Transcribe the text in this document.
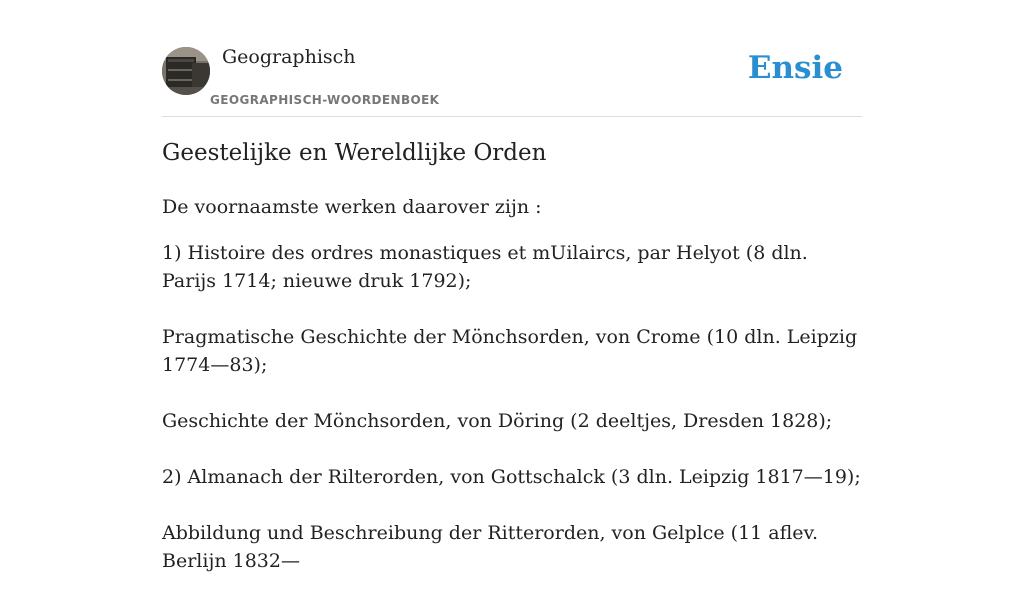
Geographisch
GEOGRAPHISCH-WOORDENBOEK
Ensie
Geestelijke en Wereldlijke Orden

De voornaamste werken daarover zijn :

1) Histoire des ordres monastiques et mUilaircs, par Helyot (8 dln. Parijs 1714; nieuwe druk 1792);

Pragmatische Geschichte der Mönchsorden, von Crome (10 dln. Leipzig 1774—83);

Geschichte der Mönchsorden, von Döring (2 deeltjes, Dresden 1828);

2) Almanach der Rilterorden, von Gottschalck (3 dln. Leipzig 1817—19);

Abbildung und Beschreibung der Ritterorden, von Gelplce (11 aflev. Berlijn 1832—
